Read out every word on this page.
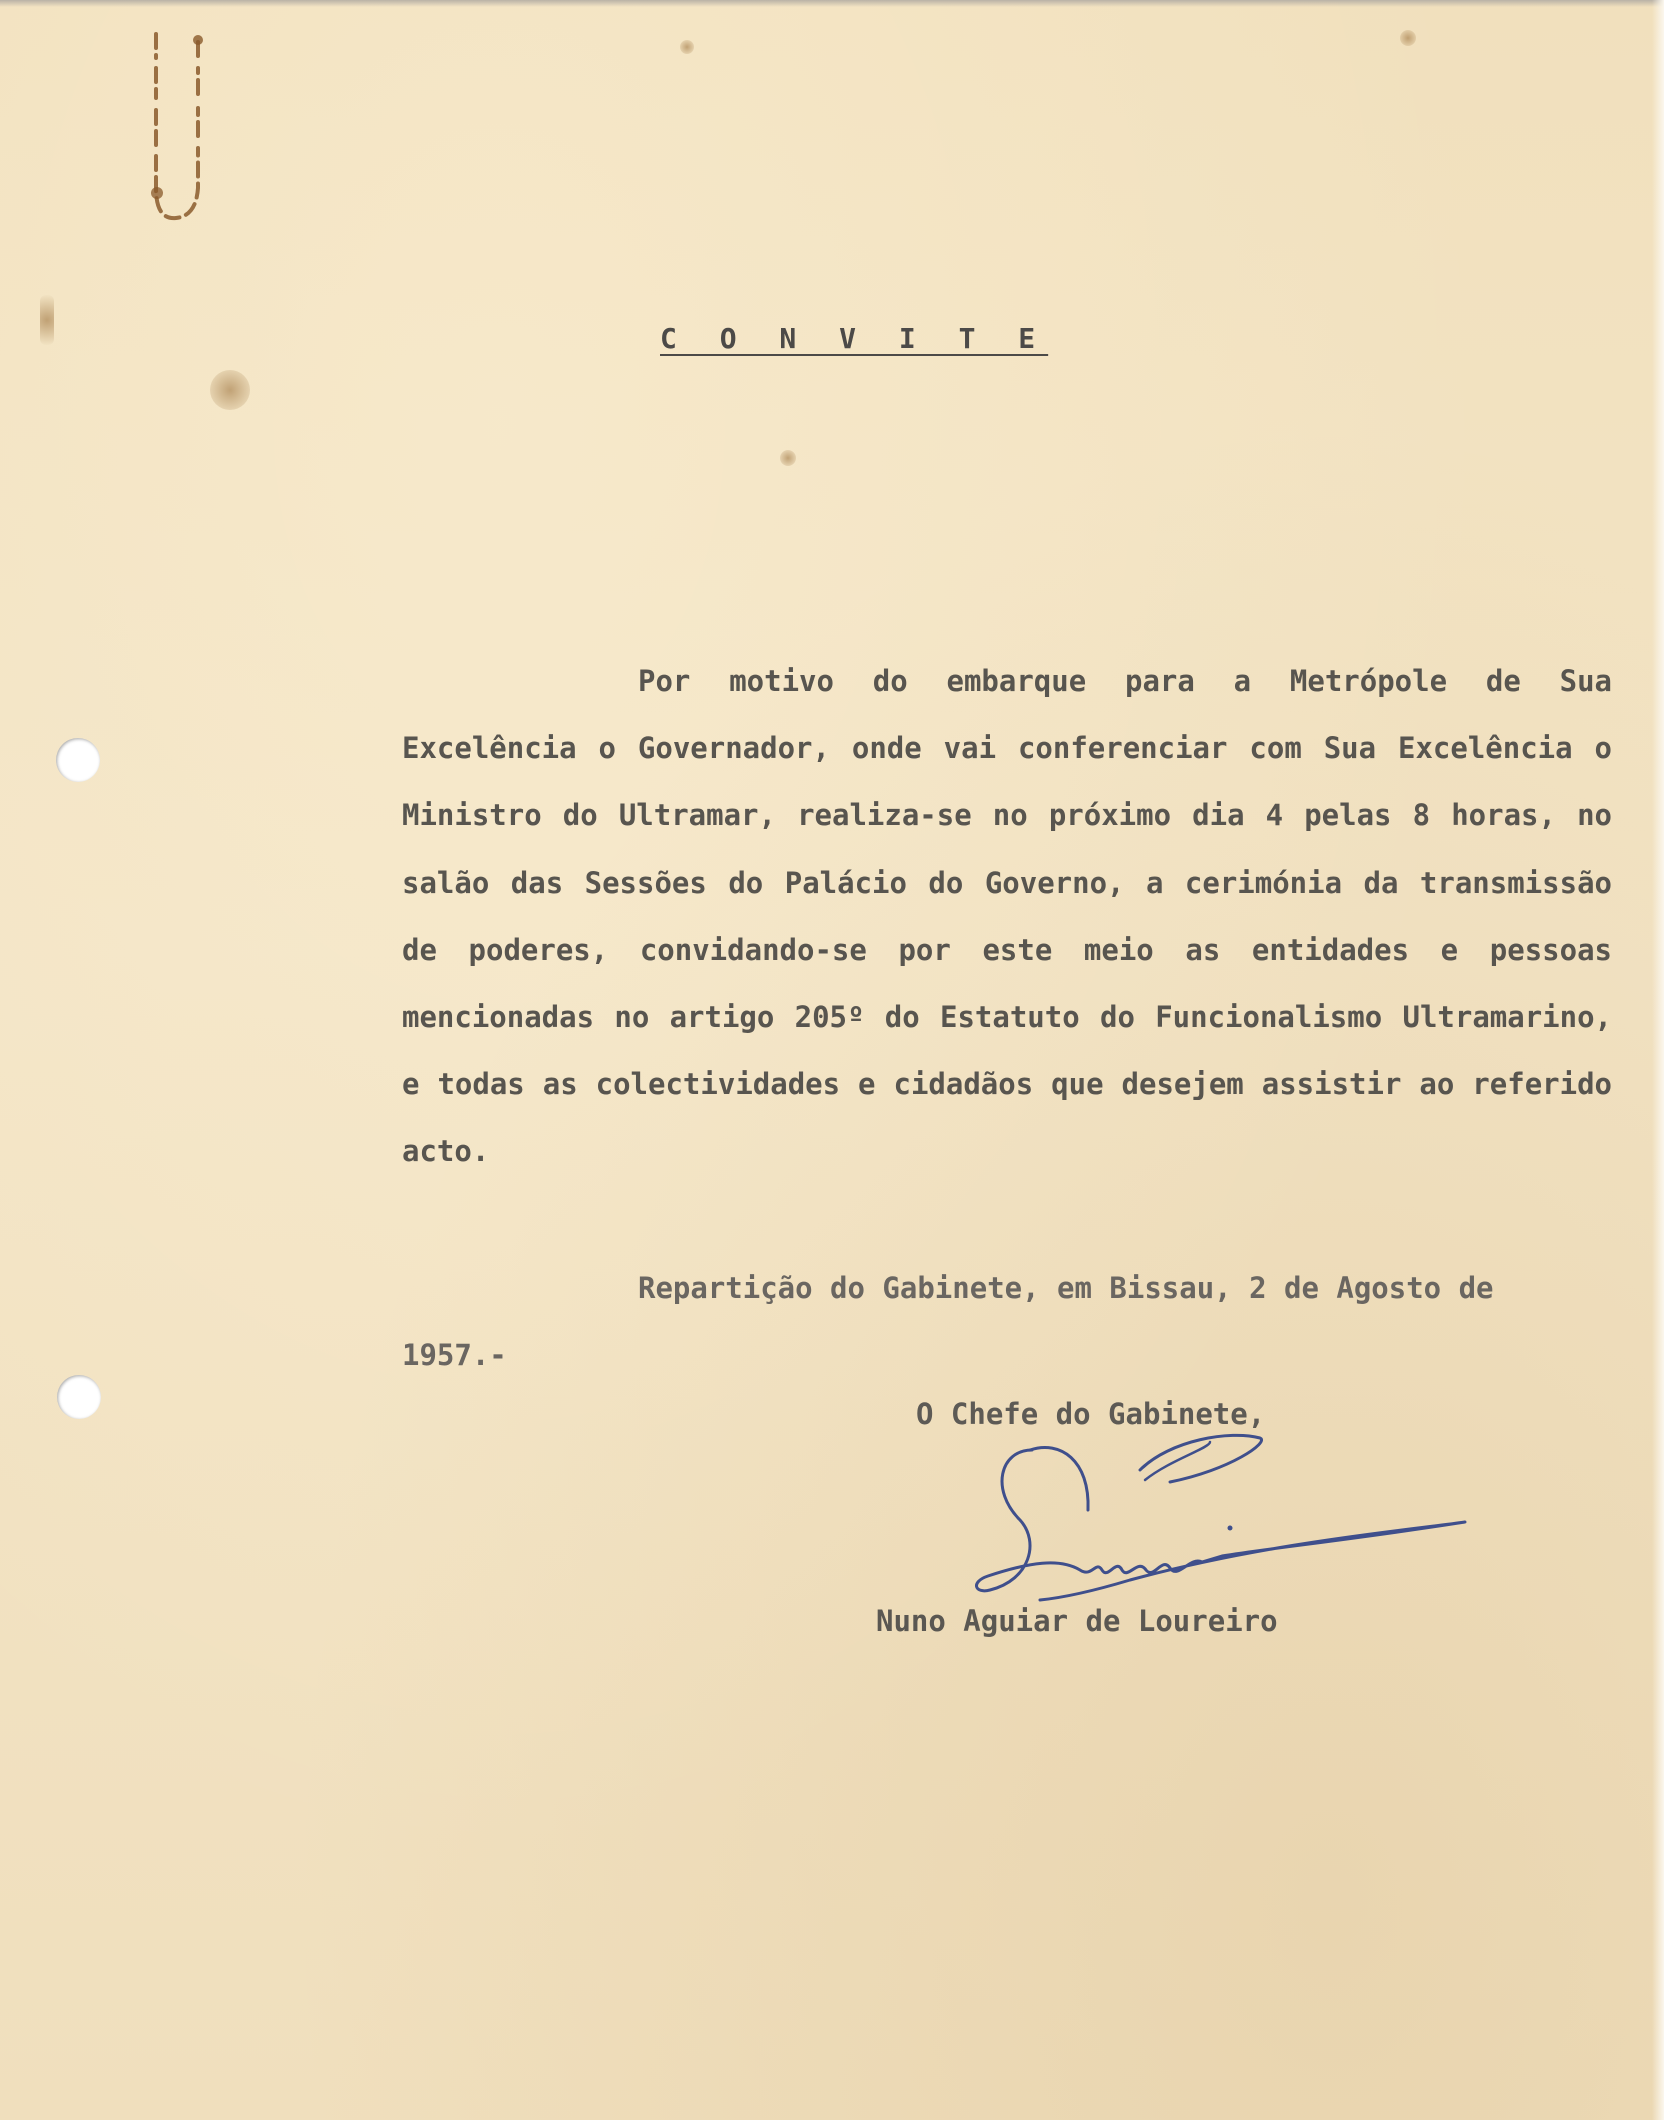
C O N V I T E

Por motivo do embarque para a Metrópole de Sua Excelência o Governador, onde vai conferenciar com Sua Excelência o Ministro do Ultramar, realiza-se no próximo dia 4 pelas 8 horas, no salão das Sessões do Palácio do Governo, a cerimónia da transmissão de poderes, convidando-se por este meio as entidades e pessoas mencionadas no artigo 205º do Estatuto do Funcionalismo Ultramarino, e todas as colectividades e cidadãos que desejem assistir ao referido acto.

Repartição do Gabinete, em Bissau, 2 de Agosto de 1957.-

O Chefe do Gabinete,
Nuno Aguiar de Loureiro
